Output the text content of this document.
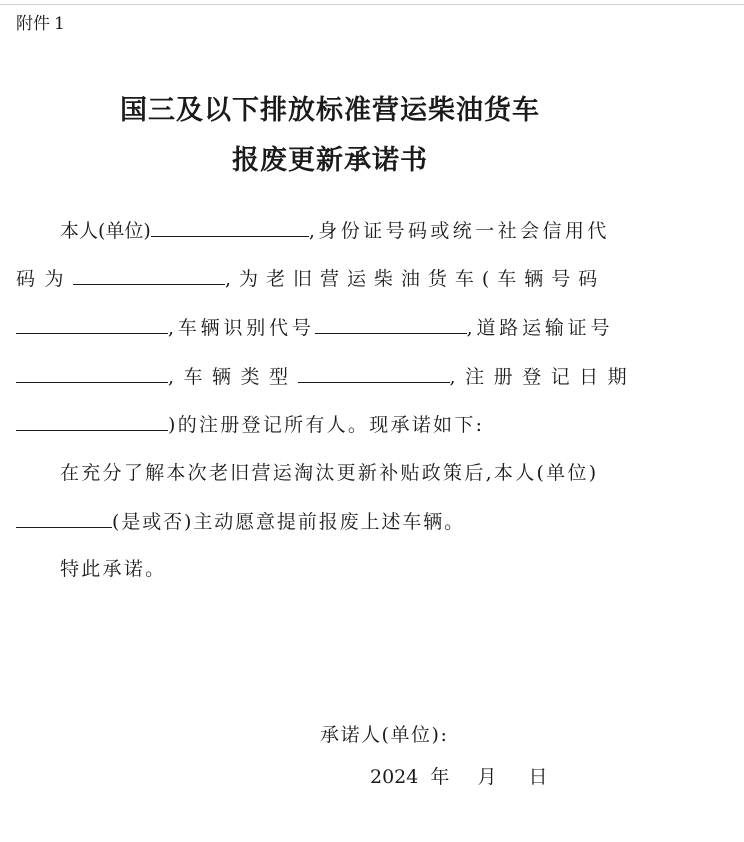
附件 1
国三及以下排放标准营运柴油货车
报废更新承诺书
本人(单位)	,身份证号码或统一社会信用代
码为	,为老旧营运柴油货车(车辆号码
,车辆识别代号	,道路运输证号
,车辆类型	,注册登记日期
)的注册登记所有人。现承诺如下:
在充分了解本次老旧营运淘汰更新补贴政策后,本人(单位)
(是或否)主动愿意提前报废上述车辆。
特此承诺。
承诺人(单位):
2024 年 月 日
